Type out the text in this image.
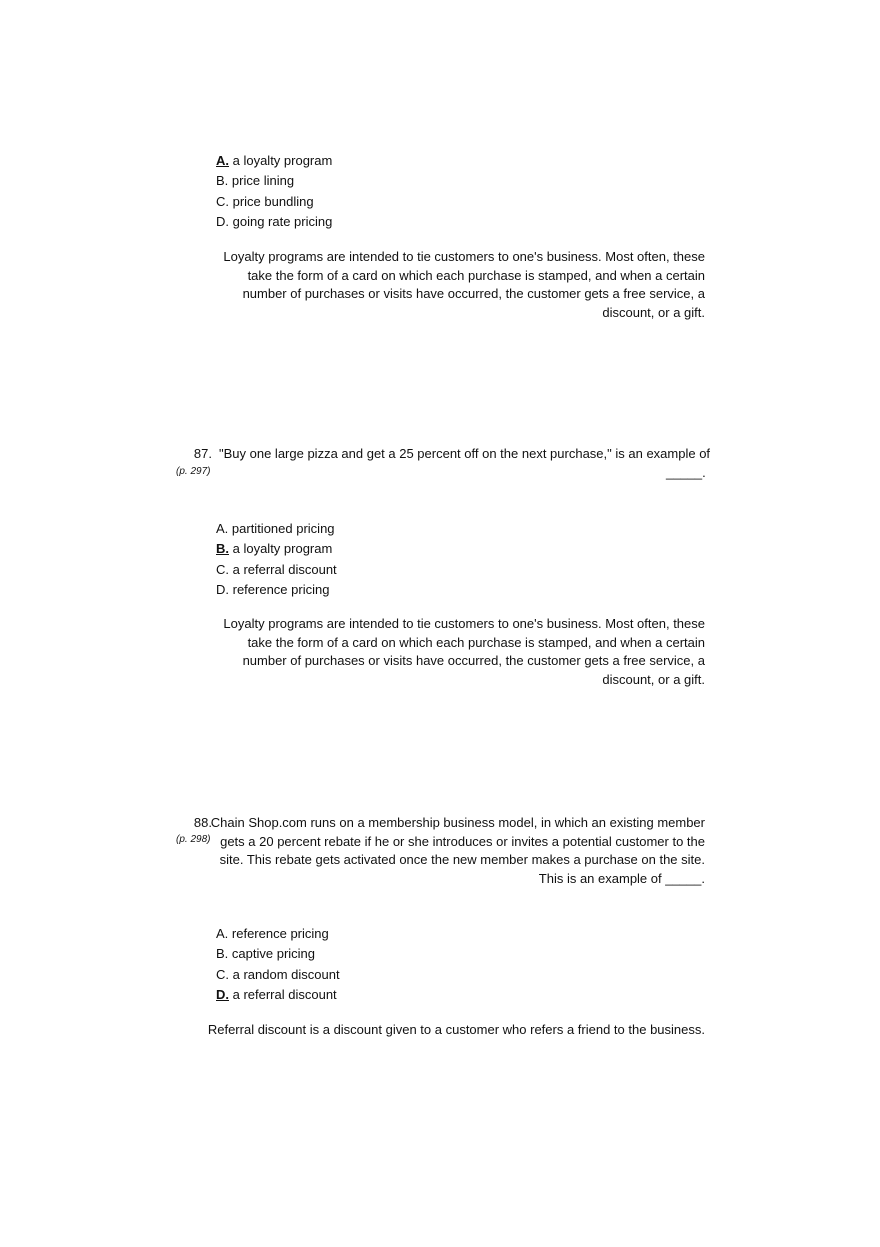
A. a loyalty program
B. price lining
C. price bundling
D. going rate pricing
Loyalty programs are intended to tie customers to one's business. Most often, these
take the form of a card on which each purchase is stamped, and when a certain
number of purchases or visits have occurred, the customer gets a free service, a
discount, or a gift.
87.
(p. 297)
"Buy one large pizza and get a 25 percent off on the next purchase," is an example of
_____.
A. partitioned pricing
B. a loyalty program
C. a referral discount
D. reference pricing
Loyalty programs are intended to tie customers to one's business. Most often, these
take the form of a card on which each purchase is stamped, and when a certain
number of purchases or visits have occurred, the customer gets a free service, a
discount, or a gift.
88.
(p. 298)
Chain Shop.com runs on a membership business model, in which an existing member
gets a 20 percent rebate if he or she introduces or invites a potential customer to the
site. This rebate gets activated once the new member makes a purchase on the site.
This is an example of _____.
A. reference pricing
B. captive pricing
C. a random discount
D. a referral discount
Referral discount is a discount given to a customer who refers a friend to the business.
